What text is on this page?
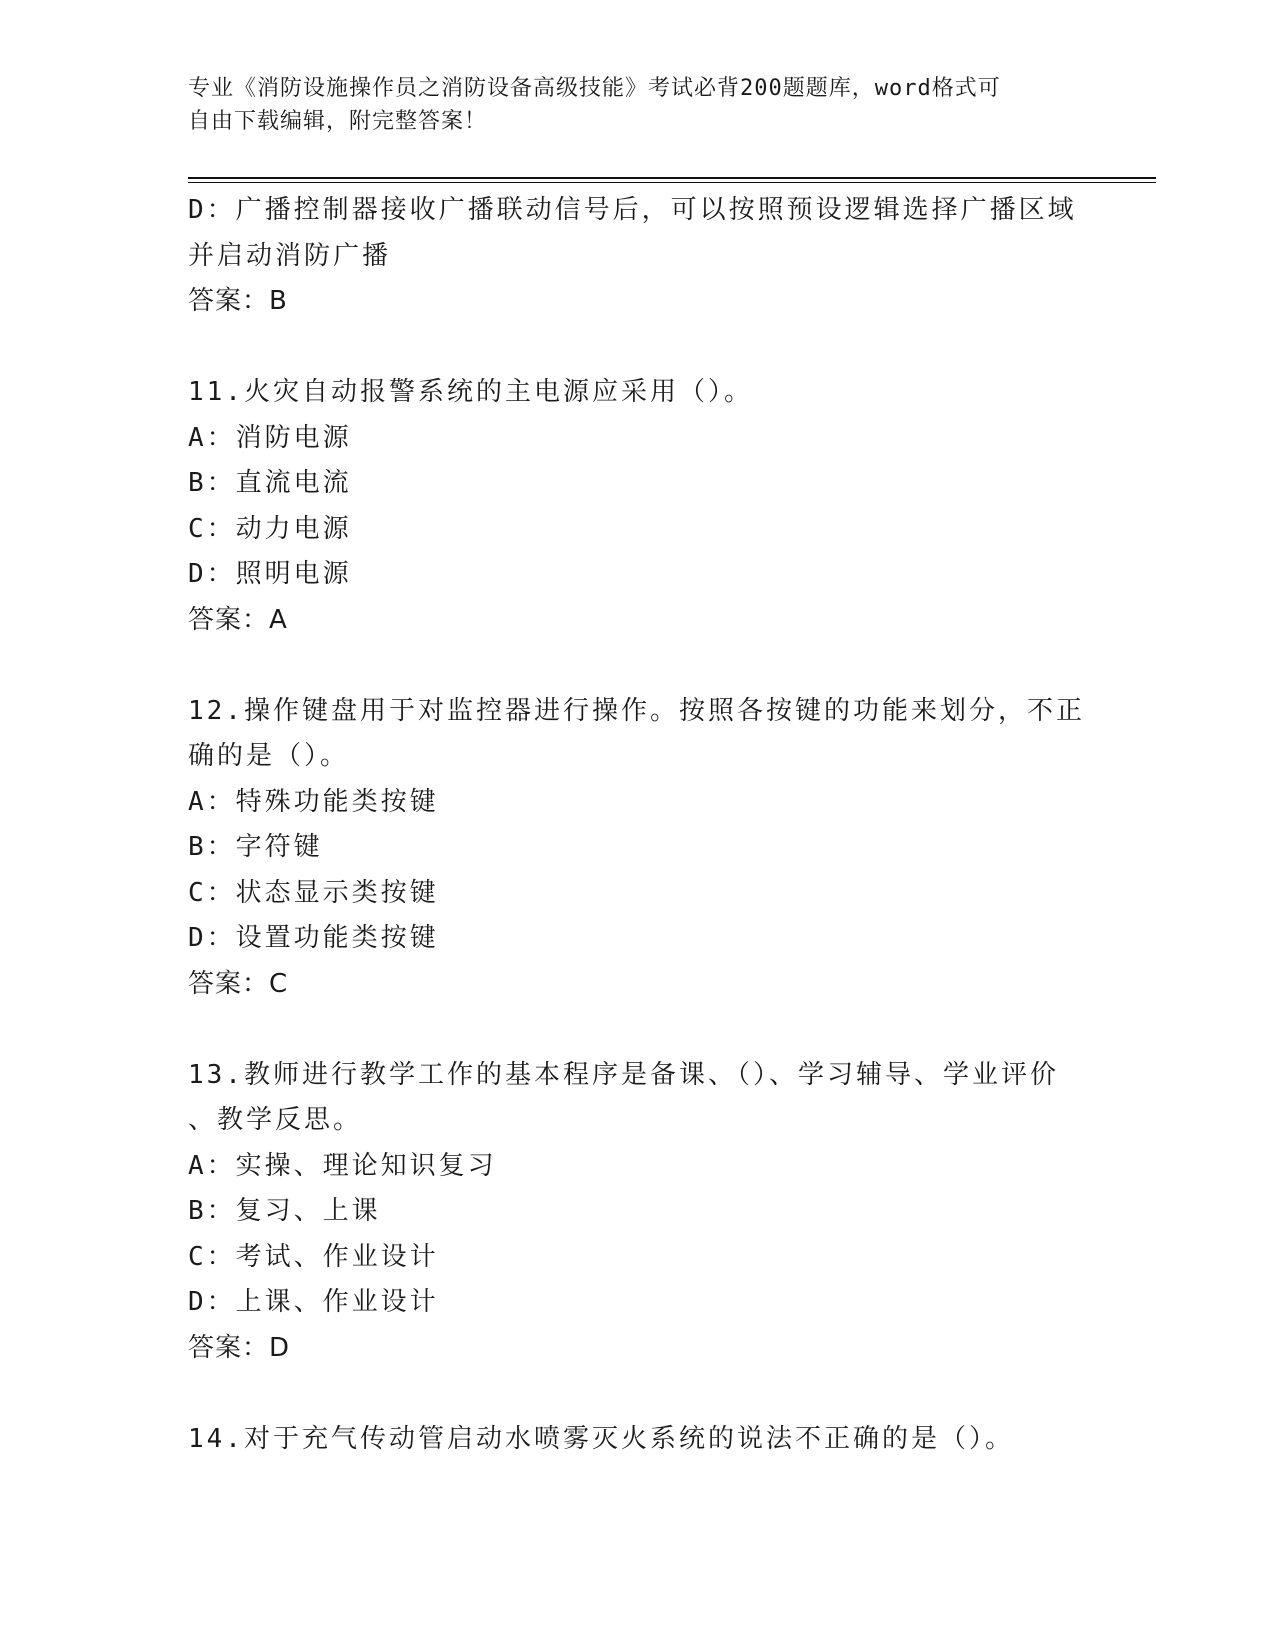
专业《消防设施操作员之消防设备高级技能》考试必背200题题库，word格式可
自由下载编辑，附完整答案！
D：广播控制器接收广播联动信号后，可以按照预设逻辑选择广播区域
并启动消防广播
答案：B
11.火灾自动报警系统的主电源应采用（）。
A：消防电源
B：直流电流
C：动力电源
D：照明电源
答案：A
12.操作键盘用于对监控器进行操作。按照各按键的功能来划分，不正
确的是（）。
A：特殊功能类按键
B：字符键
C：状态显示类按键
D：设置功能类按键
答案：C
13.教师进行教学工作的基本程序是备课、（）、学习辅导、学业评价
、教学反思。
A：实操、理论知识复习
B：复习、上课
C：考试、作业设计
D：上课、作业设计
答案：D
14.对于充气传动管启动水喷雾灭火系统的说法不正确的是（）。
